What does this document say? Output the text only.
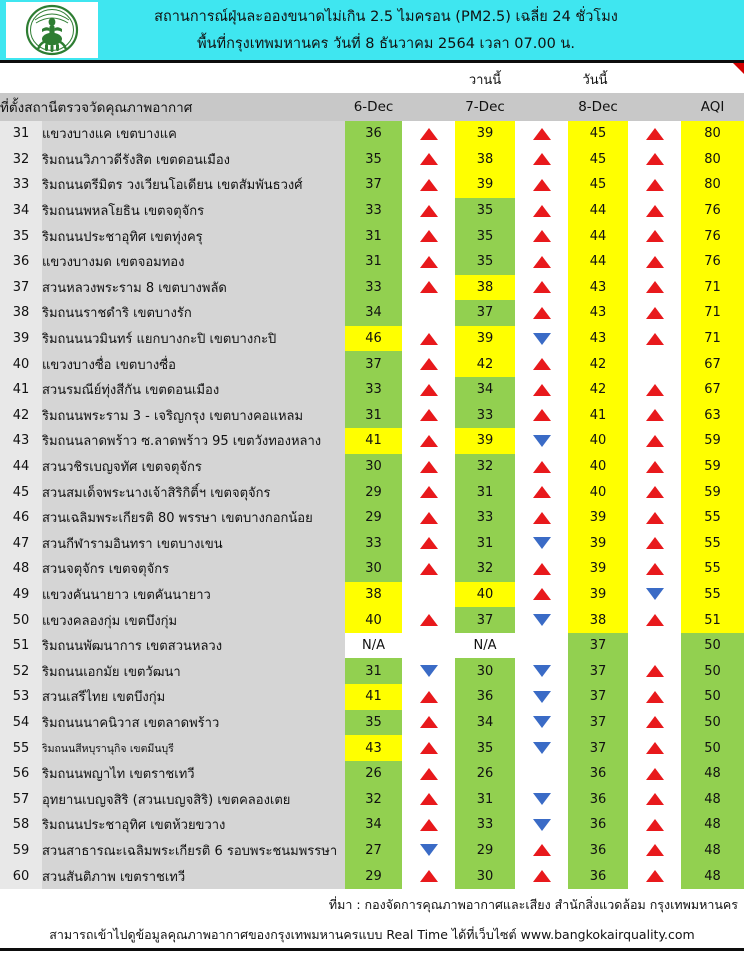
สถานการณ์ฝุ่นละอองขนาดไม่เกิน 2.5 ไมครอน (PM2.5) เฉลี่ย 24 ชั่วโมง
พื้นที่กรุงเทพมหานคร วันที่ 8 ธันวาคม 2564 เวลา 07.00 น.
วานนี้	วันนี้
ที่ตั้งสถานีตรวจวัดคุณภาพอากาศ		6-Dec		7-Dec		8-Dec		AQI
31	แขวงบางแค เขตบางแค	36		39		45		80
32	ริมถนนวิภาวดีรังสิต เขตดอนเมือง	35		38		45		80
33	ริมถนนตรีมิตร วงเวียนโอเดียน เขตสัมพันธวงศ์	37		39		45		80
34	ริมถนนพหลโยธิน เขตจตุจักร	33		35		44		76
35	ริมถนนประชาอุทิศ เขตทุ่งครุ	31		35		44		76
36	แขวงบางมด เขตจอมทอง	31		35		44		76
37	สวนหลวงพระราม 8 เขตบางพลัด	33		38		43		71
38	ริมถนนราชดำริ เขตบางรัก	34		37		43		71
39	ริมถนนนวมินทร์ แยกบางกะปิ เขตบางกะปิ	46		39		43		71
40	แขวงบางซื่อ เขตบางซื่อ	37		42		42		67
41	สวนรมณีย์ทุ่งสีกัน เขตดอนเมือง	33		34		42		67
42	ริมถนนพระราม 3 - เจริญกรุง เขตบางคอแหลม	31		33		41		63
43	ริมถนนลาดพร้าว ซ.ลาดพร้าว 95 เขตวังทองหลาง	41		39		40		59
44	สวนวชิรเบญจทัศ เขตจตุจักร	30		32		40		59
45	สวนสมเด็จพระนางเจ้าสิริกิติ์ฯ เขตจตุจักร	29		31		40		59
46	สวนเฉลิมพระเกียรติ 80 พรรษา เขตบางกอกน้อย	29		33		39		55
47	สวนกีฬารามอินทรา เขตบางเขน	33		31		39		55
48	สวนจตุจักร เขตจตุจักร	30		32		39		55
49	แขวงคันนายาว เขตคันนายาว	38		40		39		55
50	แขวงคลองกุ่ม เขตบึงกุ่ม	40		37		38		51
51	ริมถนนพัฒนาการ เขตสวนหลวง	N/A		N/A		37		50
52	ริมถนนเอกมัย เขตวัฒนา	31		30		37		50
53	สวนเสรีไทย เขตบึงกุ่ม	41		36		37		50
54	ริมถนนนาคนิวาส เขตลาดพร้าว	35		34		37		50
55	ริมถนนสีหบุรานุกิจ เขตมีนบุรี	43		35		37		50
56	ริมถนนพญาไท เขตราชเทวี	26		26		36		48
57	อุทยานเบญจสิริ (สวนเบญจสิริ) เขตคลองเตย	32		31		36		48
58	ริมถนนประชาอุทิศ เขตห้วยขวาง	34		33		36		48
59	สวนสาธารณะเฉลิมพระเกียรติ 6 รอบพระชนมพรรษา	27		29		36		48
60	สวนสันติภาพ เขตราชเทวี	29		30		36		48
ที่มา : กองจัดการคุณภาพอากาศและเสียง สำนักสิ่งแวดล้อม กรุงเทพมหานคร
สามารถเข้าไปดูข้อมูลคุณภาพอากาศของกรุงเทพมหานครแบบ Real Time ได้ที่เว็บไซต์ www.bangkokairquality.com
